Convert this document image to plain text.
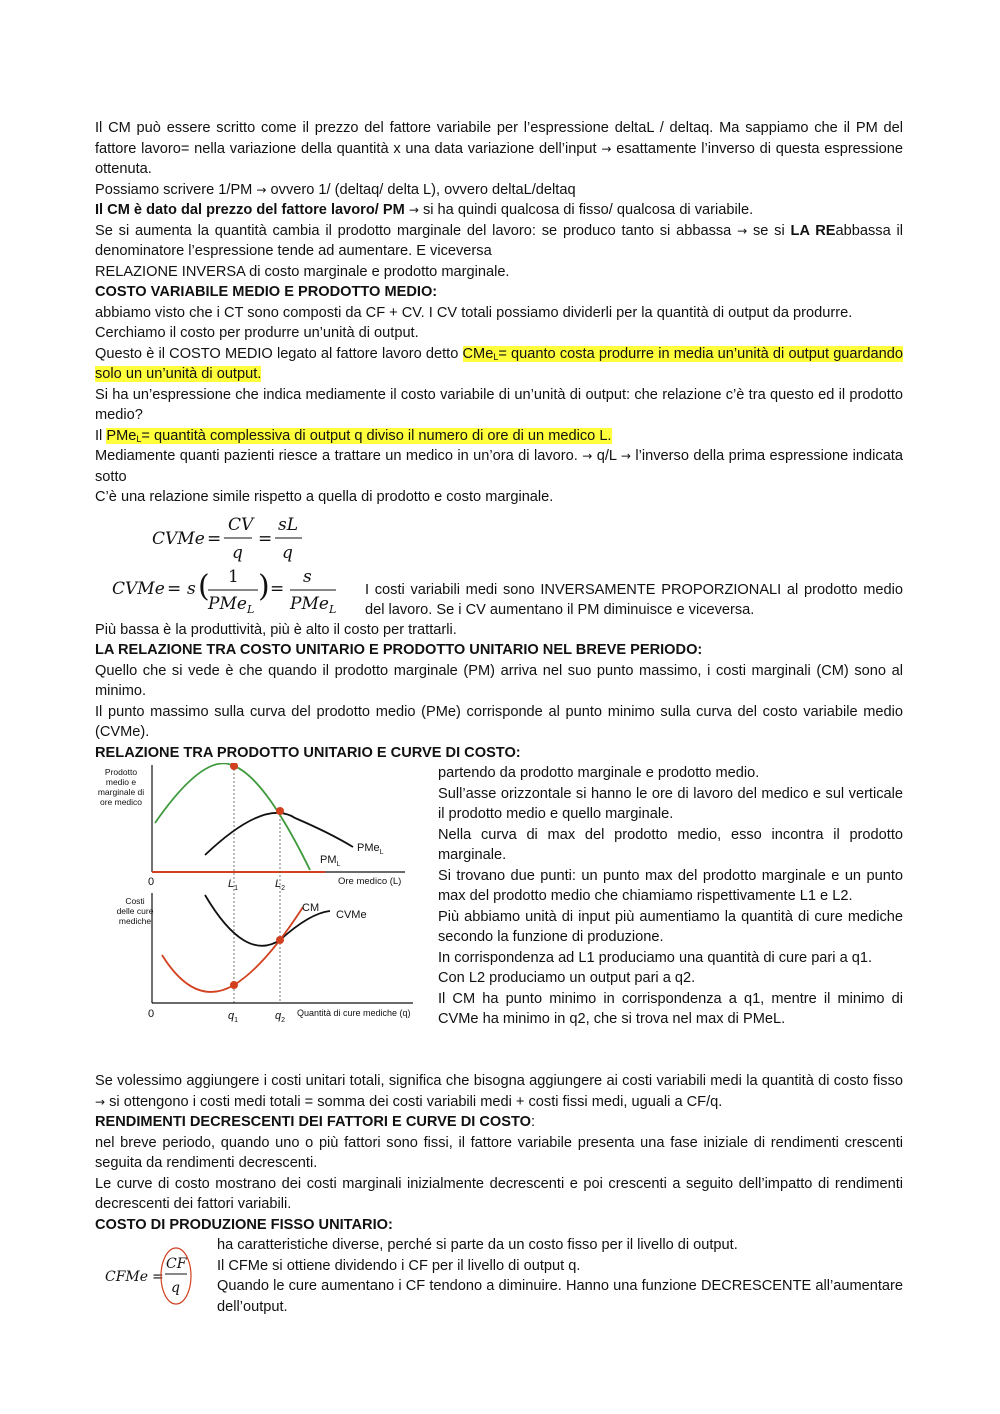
Il CM può essere scritto come il prezzo del fattore variabile per l’espressione deltaL / deltaq. Ma sappiamo che il PM del fattore lavoro= nella variazione della quantità x una data variazione dell’input → esattamente l’inverso di questa espressione ottenuta.

Possiamo scrivere 1/PM → ovvero 1/ (deltaq/ delta L), ovvero deltaL/deltaq

Il CM è dato dal prezzo del fattore lavoro/ PM → si ha quindi qualcosa di fisso/ qualcosa di variabile.

Se si aumenta la quantità cambia il prodotto marginale del lavoro: se produco tanto si abbassa → se si LA REabbassa il denominatore l’espressione tende ad aumentare. E viceversa

RELAZIONE INVERSA di costo marginale e prodotto marginale.

COSTO VARIABILE MEDIO E PRODOTTO MEDIO:

abbiamo visto che i CT sono composti da CF + CV. I CV totali possiamo dividerli per la quantità di output da produrre.

Cerchiamo il costo per produrre un’unità di output.

Questo è il COSTO MEDIO legato al fattore lavoro detto CMe$_L$= quanto costa produrre in media un’unità di output guardando solo un un’unità di output.

Si ha un’espressione che indica mediamente il costo variabile di un’unità di output: che relazione c’è tra questo ed il prodotto medio?

Il PMe$_L$= quantità complessiva di output q diviso il numero di ore di un medico L.

Mediamente quanti pazienti riesce a trattare un medico in un’ora di lavoro. → q/L → l’inverso della prima espressione indicata sotto

C’è una relazione simile rispetto a quella di prodotto e costo marginale.

CVMe =
CV
q
=
sL
q
CVMe = s ( 1
PMe L
) =
s
PMe L

I costi variabili medi sono INVERSAMENTE PROPORZIONALI al prodotto medio del lavoro. Se i CV aumentano il PM diminuisce e viceversa.

Più bassa è la produttività, più è alto il costo per trattarli.

LA RELAZIONE TRA COSTO UNITARIO E PRODOTTO UNITARIO NEL BREVE PERIODO:

Quello che si vede è che quando il prodotto marginale (PM) arriva nel suo punto massimo, i costi marginali (CM) sono al minimo.

Il punto massimo sulla curva del prodotto medio (PMe) corrisponde al punto minimo sulla curva del costo variabile medio (CVMe).

RELAZIONE TRA PRODOTTO UNITARIO E CURVE DI COSTO:

Prodotto
medio e
marginale di
ore medico
PMe$_L$
$PM_L$
0	$L_1$	$L_2$
Ore medico (L)
Costi
delle cure
mediche
CM
CVMe
0	$q_1$	$q_2$
Quantità di cure mediche (q)

partendo da prodotto marginale e prodotto medio.

Sull’asse orizzontale si hanno le ore di lavoro del medico e sul verticale il prodotto medio e quello marginale.

Nella curva di max del prodotto medio, esso incontra il prodotto marginale.

Si trovano due punti: un punto max del prodotto marginale e un punto max del prodotto medio che chiamiamo rispettivamente L1 e L2.

Più abbiamo unità di input più aumentiamo la quantità di cure mediche secondo la funzione di produzione.

In corrispondenza ad L1 produciamo una quantità di cure pari a q1.

Con L2 produciamo un output pari a q2.

Il CM ha punto minimo in corrispondenza a q1, mentre il minimo di CVMe ha minimo in q2, che si trova nel max di PMeL.

Se volessimo aggiungere i costi unitari totali, significa che bisogna aggiungere ai costi variabili medi la quantità di costo fisso → si ottengono i costi medi totali = somma dei costi variabili medi + costi fissi medi, uguali a CF/q.

RENDIMENTI DECRESCENTI DEI FATTORI E CURVE DI COSTO:

nel breve periodo, quando uno o più fattori sono fissi, il fattore variabile presenta una fase iniziale di rendimenti crescenti seguita da rendimenti decrescenti.

Le curve di costo mostrano dei costi marginali inizialmente decrescenti e poi crescenti a seguito dell’impatto di rendimenti decrescenti dei fattori variabili.

COSTO DI PRODUZIONE FISSO UNITARIO:

CFMe =
CF
q

ha caratteristiche diverse, perché si parte da un costo fisso per il livello di output.

Il CFMe si ottiene dividendo i CF per il livello di output q.

Quando le cure aumentano i CF tendono a diminuire. Hanno una funzione DECRESCENTE all’aumentare dell’output.
